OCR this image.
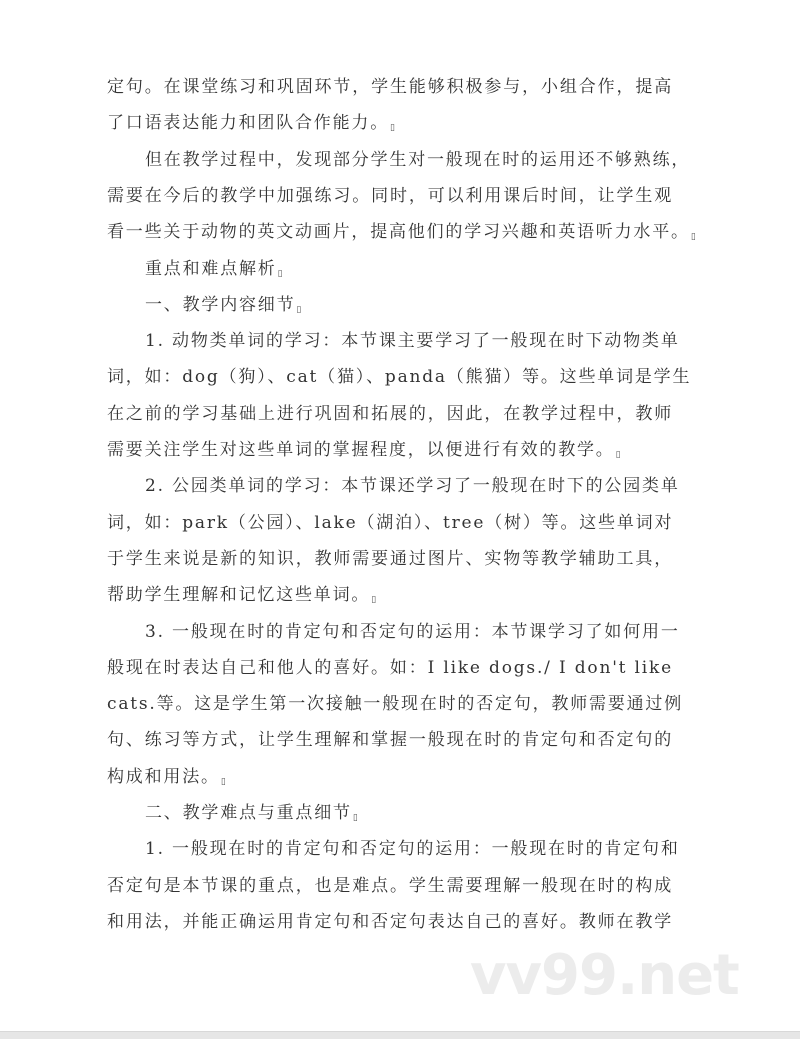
vv99.net
定句。在课堂练习和巩固环节，学生能够积极参与，小组合作，提高
了口语表达能力和团队合作能力。▯
但在教学过程中，发现部分学生对一般现在时的运用还不够熟练，
需要在今后的教学中加强练习。同时，可以利用课后时间，让学生观
看一些关于动物的英文动画片，提高他们的学习兴趣和英语听力水平。▯
重点和难点解析▯
一、教学内容细节▯
1. 动物类单词的学习：本节课主要学习了一般现在时下动物类单
词，如：dog（狗）、cat（猫）、panda（熊猫）等。这些单词是学生
在之前的学习基础上进行巩固和拓展的，因此，在教学过程中，教师
需要关注学生对这些单词的掌握程度，以便进行有效的教学。▯
2. 公园类单词的学习：本节课还学习了一般现在时下的公园类单
词，如：park（公园）、lake（湖泊）、tree（树）等。这些单词对
于学生来说是新的知识，教师需要通过图片、实物等教学辅助工具，
帮助学生理解和记忆这些单词。▯
3. 一般现在时的肯定句和否定句的运用：本节课学习了如何用一
般现在时表达自己和他人的喜好。如：I like dogs./ I don't like
cats.等。这是学生第一次接触一般现在时的否定句，教师需要通过例
句、练习等方式，让学生理解和掌握一般现在时的肯定句和否定句的
构成和用法。▯
二、教学难点与重点细节▯
1. 一般现在时的肯定句和否定句的运用：一般现在时的肯定句和
否定句是本节课的重点，也是难点。学生需要理解一般现在时的构成
和用法，并能正确运用肯定句和否定句表达自己的喜好。教师在教学
